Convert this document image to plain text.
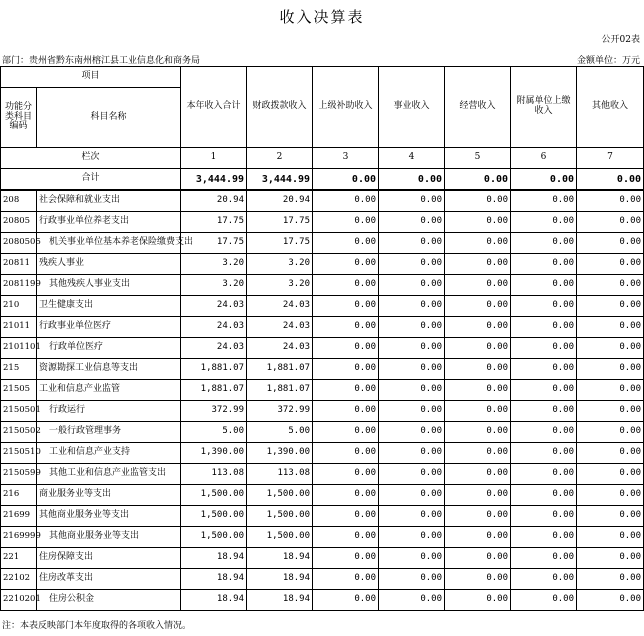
收入决算表
公开02表
部门：贵州省黔东南州榕江县工业信息化和商务局	金额单位：万元
项目		本年收入合计	财政拨款收入	上级补助收入	事业收入	经营收入	附属单位上缴收入	其他收入
功能分类科目编码	科目名称							
栏次		1	2	3	4	5	6	7
合计		3,444.99	3,444.99	0.00	0.00	0.00	0.00	0.00
208	社会保障和就业支出	20.94	20.94	0.00	0.00	0.00	0.00	0.00
20805	行政事业单位养老支出	17.75	17.75	0.00	0.00	0.00	0.00	0.00
2080505	机关事业单位基本养老保险缴费支出	17.75	17.75	0.00	0.00	0.00	0.00	0.00
20811	残疾人事业	3.20	3.20	0.00	0.00	0.00	0.00	0.00
2081199	其他残疾人事业支出	3.20	3.20	0.00	0.00	0.00	0.00	0.00
210	卫生健康支出	24.03	24.03	0.00	0.00	0.00	0.00	0.00
21011	行政事业单位医疗	24.03	24.03	0.00	0.00	0.00	0.00	0.00
2101101	行政单位医疗	24.03	24.03	0.00	0.00	0.00	0.00	0.00
215	资源勘探工业信息等支出	1,881.07	1,881.07	0.00	0.00	0.00	0.00	0.00
21505	工业和信息产业监管	1,881.07	1,881.07	0.00	0.00	0.00	0.00	0.00
2150501	行政运行	372.99	372.99	0.00	0.00	0.00	0.00	0.00
2150502	一般行政管理事务	5.00	5.00	0.00	0.00	0.00	0.00	0.00
2150510	工业和信息产业支持	1,390.00	1,390.00	0.00	0.00	0.00	0.00	0.00
2150599	其他工业和信息产业监管支出	113.08	113.08	0.00	0.00	0.00	0.00	0.00
216	商业服务业等支出	1,500.00	1,500.00	0.00	0.00	0.00	0.00	0.00
21699	其他商业服务业等支出	1,500.00	1,500.00	0.00	0.00	0.00	0.00	0.00
2169999	其他商业服务业等支出	1,500.00	1,500.00	0.00	0.00	0.00	0.00	0.00
221	住房保障支出	18.94	18.94	0.00	0.00	0.00	0.00	0.00
22102	住房改革支出	18.94	18.94	0.00	0.00	0.00	0.00	0.00
2210201	住房公积金	18.94	18.94	0.00	0.00	0.00	0.00	0.00
注：本表反映部门本年度取得的各项收入情况。
